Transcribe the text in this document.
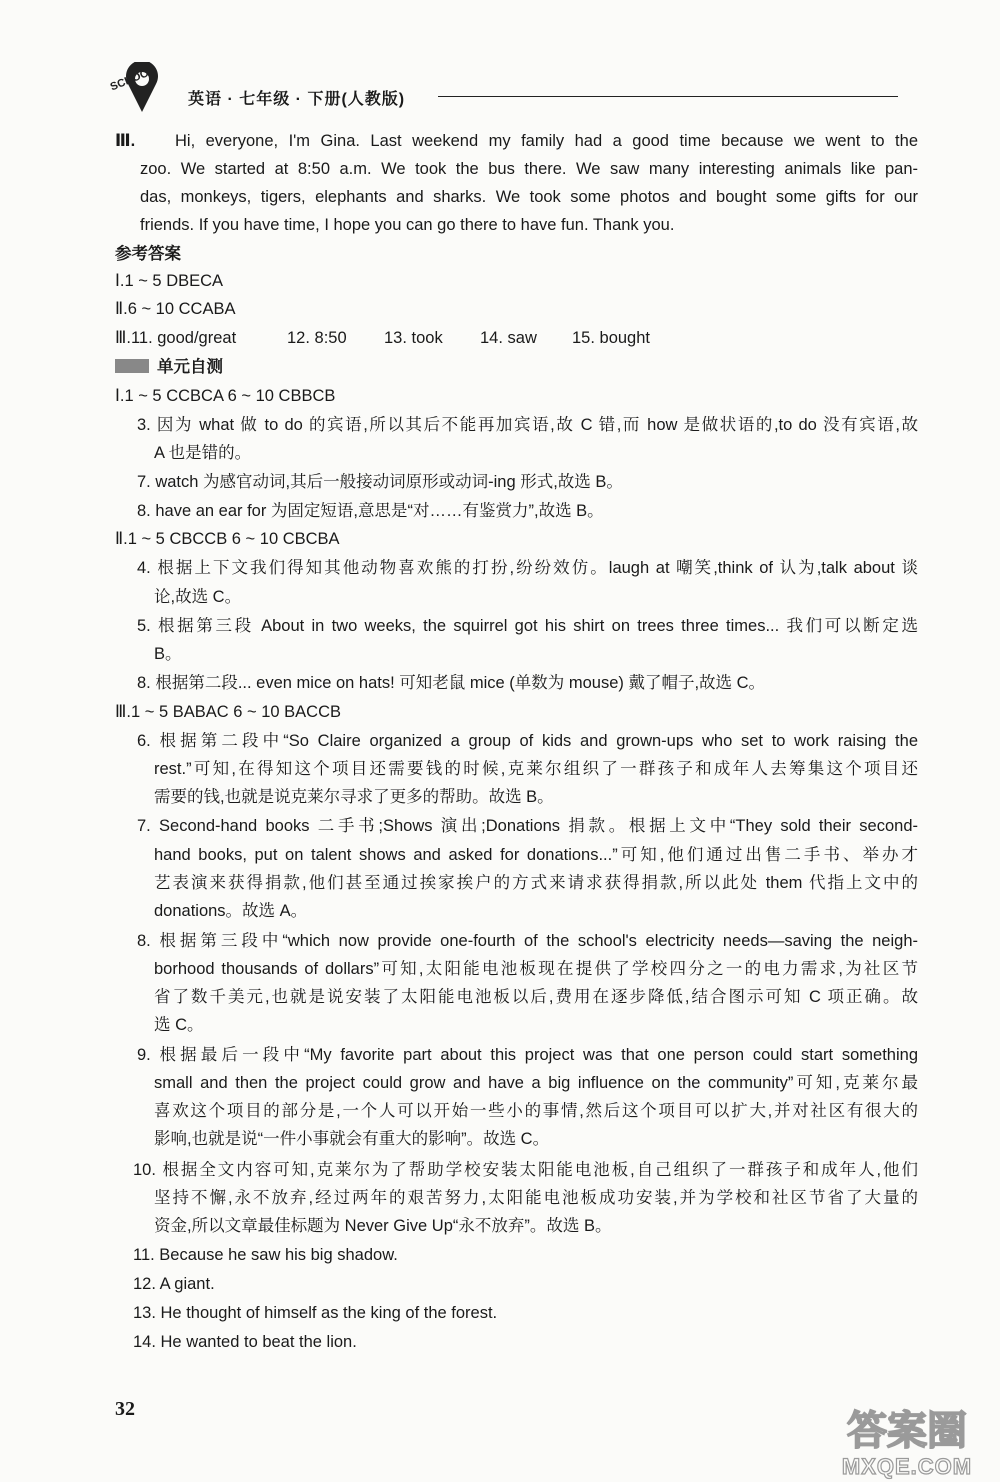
SCHOOL
英语 · 七年级 · 下册(人教版)
Ⅲ. Hi, everyone, I'm Gina. Last weekend my family had a good time because we went to the
zoo. We started at 8:50 a.m. We took the bus there. We saw many interesting animals like pan-
das, monkeys, tigers, elephants and sharks. We took some photos and bought some gifts for our
friends. If you have time, I hope you can go there to have fun. Thank you.
参考答案
Ⅰ.1 ~ 5 DBECA
Ⅱ.6 ~ 10 CCABA
Ⅲ.11. good/great	12. 8:50 13. took 14. saw 15. bought
单元自测
Ⅰ.1 ~ 5 CCBCA 6 ~ 10 CBBCB
3. 因为 what 做 to do 的宾语,所以其后不能再加宾语,故 C 错,而 how 是做状语的,to do 没有宾语,故
A 也是错的。
7. watch 为感官动词,其后一般接动词原形或动词-ing 形式,故选 B。
8. have an ear for 为固定短语,意思是“对……有鉴赏力”,故选 B。
Ⅱ.1 ~ 5 CBCCB 6 ~ 10 CBCBA
4. 根据上下文我们得知其他动物喜欢熊的打扮,纷纷效仿。laugh at 嘲笑,think of 认为,talk about 谈
论,故选 C。
5. 根据第三段 About in two weeks, the squirrel got his shirt on trees three times... 我们可以断定选
B。
8. 根据第二段... even mice on hats! 可知老鼠 mice (单数为 mouse) 戴了帽子,故选 C。
Ⅲ.1 ~ 5 BABAC 6 ~ 10 BACCB
6. 根据第二段中“So Claire organized a group of kids and grown-ups who set to work raising the
rest.”可知,在得知这个项目还需要钱的时候,克莱尔组织了一群孩子和成年人去筹集这个项目还
需要的钱,也就是说克莱尔寻求了更多的帮助。故选 B。
7. Second-hand books 二手书;Shows 演出;Donations 捐款。根据上文中“They sold their second-
hand books, put on talent shows and asked for donations...”可知,他们通过出售二手书、举办才
艺表演来获得捐款,他们甚至通过挨家挨户的方式来请求获得捐款,所以此处 them 代指上文中的
donations。故选 A。
8. 根据第三段中“which now provide one-fourth of the school's electricity needs—saving the neigh-
borhood thousands of dollars”可知,太阳能电池板现在提供了学校四分之一的电力需求,为社区节
省了数千美元,也就是说安装了太阳能电池板以后,费用在逐步降低,结合图示可知 C 项正确。故
选 C。
9. 根据最后一段中“My favorite part about this project was that one person could start something
small and then the project could grow and have a big influence on the community”可知,克莱尔最
喜欢这个项目的部分是,一个人可以开始一些小的事情,然后这个项目可以扩大,并对社区有很大的
影响,也就是说“一件小事就会有重大的影响”。故选 C。
10. 根据全文内容可知,克莱尔为了帮助学校安装太阳能电池板,自己组织了一群孩子和成年人,他们
坚持不懈,永不放弃,经过两年的艰苦努力,太阳能电池板成功安装,并为学校和社区节省了大量的
资金,所以文章最佳标题为 Never Give Up“永不放弃”。故选 B。
11. Because he saw his big shadow.
12. A giant.
13. He thought of himself as the king of the forest.
14. He wanted to beat the lion.
32	答案圈
MXQE.COM
